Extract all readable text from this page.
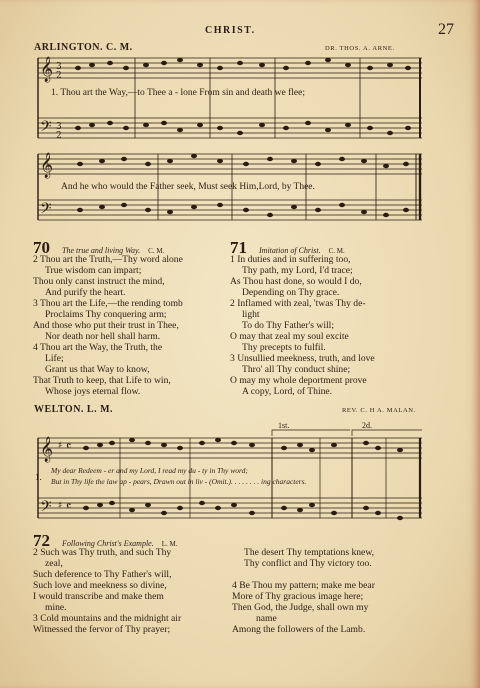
CHRIST.	27
ARLINGTON. C. M.	DR. THOS. A. ARNE.
𝄞
𝄢
𝄞
𝄢
3
2
3
2
1. Thou art the Way,—to Thee a - lone From sin and death we flee;
And he who would the Father seek, Must seek Him,Lord, by Thee.
70 The true and living Way. C. M.
2 Thou art the Truth,—Thy word alone
True wisdom can impart;
Thou only canst instruct the mind,
And purify the heart.
3 Thou art the Life,—the rending tomb
Proclaims Thy conquering arm;
And those who put their trust in Thee,
Nor death nor hell shall harm.
4 Thou art the Way, the Truth, the
Life;
Grant us that Way to know,
That Truth to keep, that Life to win,
Whose joys eternal flow.
71 Imitation of Christ. C. M.
1 In duties and in suffering too,
Thy path, my Lord, I'd trace;
As Thou hast done, so would I do,
Depending on Thy grace.
2 Inflamed with zeal, 'twas Thy de-
light
To do Thy Father's will;
O may that zeal my soul excite
Thy precepts to fulfil.
3 Unsullied meekness, truth, and love
Thro' all Thy conduct shine;
O may my whole deportment prove
A copy, Lord, of Thine.
WELTON. L. M.	REV. C. H A. MALAN.
1st.	2d.
𝄞
𝄢
♯
♯
𝄴
𝄴
1.
My dear Redeem - er and my Lord, I read my du - ty in Thy word;
But in Thy life the law ap - pears, Drawn out in liv - (Omit.). . . . . . . . ing characters.
72 Following Christ's Example. L. M.
2 Such was Thy truth, and such Thy
zeal,
Such deference to Thy Father's will,
Such love and meekness so divine,
I would transcribe and make them
mine.
3 Cold mountains and the midnight air
Witnessed the fervor of Thy prayer;
The desert Thy temptations knew,
Thy conflict and Thy victory too.
4 Be Thou my pattern; make me bear
More of Thy gracious image here;
Then God, the Judge, shall own my
name
Among the followers of the Lamb.
